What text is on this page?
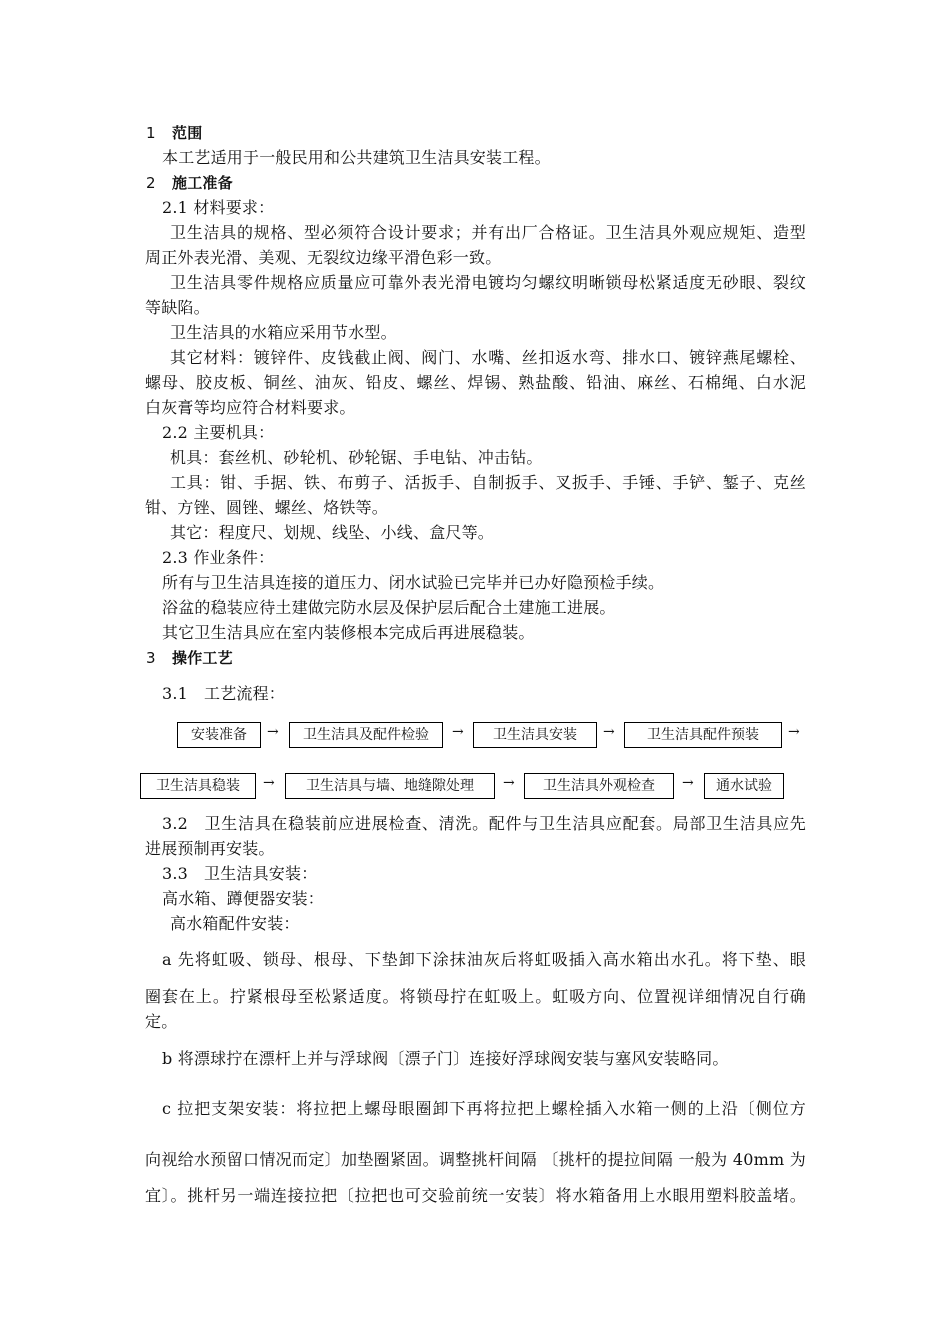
1 范围
本工艺适用于一般民用和公共建筑卫生洁具安装工程。
2 施工准备
2.1 材料要求：
卫生洁具的规格、型必须符合设计要求；并有出厂合格证。卫生洁具外观应规矩、造型
周正外表光滑、美观、无裂纹边缘平滑色彩一致。
卫生洁具零件规格应质量应可靠外表光滑电镀均匀螺纹明晰锁母松紧适度无砂眼、裂纹
等缺陷。
卫生洁具的水箱应采用节水型。
其它材料：镀锌件、皮钱截止阀、阀门、水嘴、丝扣返水弯、排水口、镀锌燕尾螺栓、
螺母、胶皮板、铜丝、油灰、铅皮、螺丝、焊锡、熟盐酸、铅油、麻丝、石棉绳、白水泥
白灰膏等均应符合材料要求。
2.2 主要机具：
机具：套丝机、砂轮机、砂轮锯、手电钻、冲击钻。
工具：钳、手据、铁、布剪子、活扳手、自制扳手、叉扳手、手锤、手铲、錾子、克丝
钳、方锉、圆锉、螺丝、烙铁等。
其它：程度尺、划规、线坠、小线、盒尺等。
2.3 作业条件：
所有与卫生洁具连接的道压力、闭水试验已完毕并已办好隐预检手续。
浴盆的稳装应待土建做完防水层及保护层后配合土建施工进展。
其它卫生洁具应在室内装修根本完成后再进展稳装。
3 操作工艺
3.1 工艺流程：
安装准备	→	卫生洁具及配件检验	→	卫生洁具安装	→	卫生洁具配件预装	→
卫生洁具稳装	→	卫生洁具与墙、地缝隙处理	→	卫生洁具外观检查	→	通水试验
3.2 卫生洁具在稳装前应进展检查、清洗。配件与卫生洁具应配套。局部卫生洁具应先
进展预制再安装。
3.3 卫生洁具安装：
高水箱、蹲便器安装：
高水箱配件安装：
a 先将虹吸、锁母、根母、下垫卸下涂抹油灰后将虹吸插入高水箱出水孔。将下垫、眼
圈套在上。拧紧根母至松紧适度。将锁母拧在虹吸上。虹吸方向、位置视详细情况自行确
定。
b 将漂球拧在漂杆上并与浮球阀〔漂子门〕连接好浮球阀安装与塞风安装略同。
c 拉把支架安装：将拉把上螺母眼圈卸下再将拉把上螺栓插入水箱一侧的上沿〔侧位方
向视给水预留口情况而定〕加垫圈紧固。调整挑杆间隔 〔挑杆的提拉间隔 一般为 40mm 为
宜〕。挑杆另一端连接拉把〔拉把也可交验前统一安装〕将水箱备用上水眼用塑料胶盖堵。
